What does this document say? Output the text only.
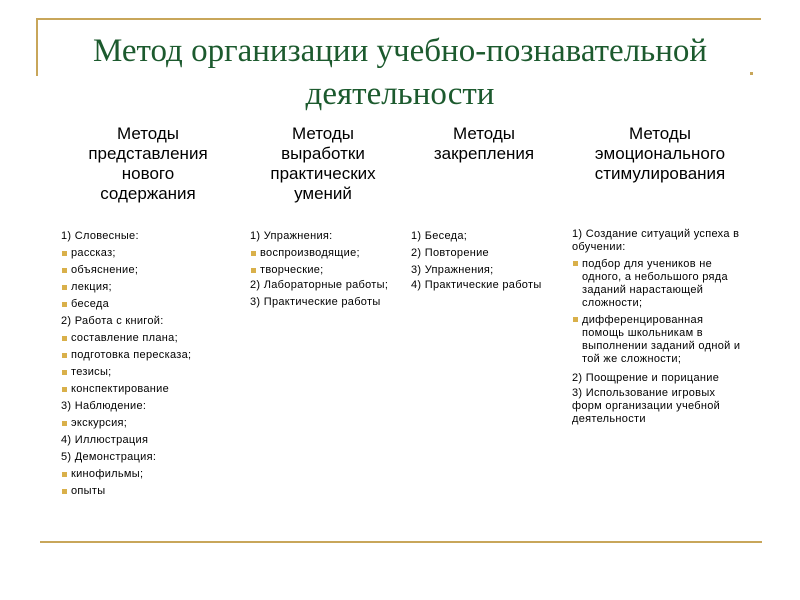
Метод организации учебно-познавательной деятельности
Методы
представления
нового
содержания
Методы
выработки
практических
умений
Методы
закрепления
Методы
эмоционального
стимулирования
1) Словесные:
рассказ;
объяснение;
лекция;
беседа
2) Работа с книгой:
составление плана;
подготовка пересказа;
тезисы;
конспектирование
3) Наблюдение:
экскурсия;
4) Иллюстрация
5) Демонстрация:
кинофильмы;
опыты
1) Упражнения:
воспроизводящие;
творческие;
2) Лабораторные работы;
3) Практические работы
1) Беседа;
2) Повторение
3) Упражнения;
4) Практические работы
1) Создание ситуаций успеха в обучении:
подбор для учеников не одного, а небольшого ряда заданий нарастающей сложности;
дифференцированная помощь школьникам в выполнении заданий одной и той же сложности;
2) Поощрение и порицание
3) Использование игровых форм организации учебной деятельности
